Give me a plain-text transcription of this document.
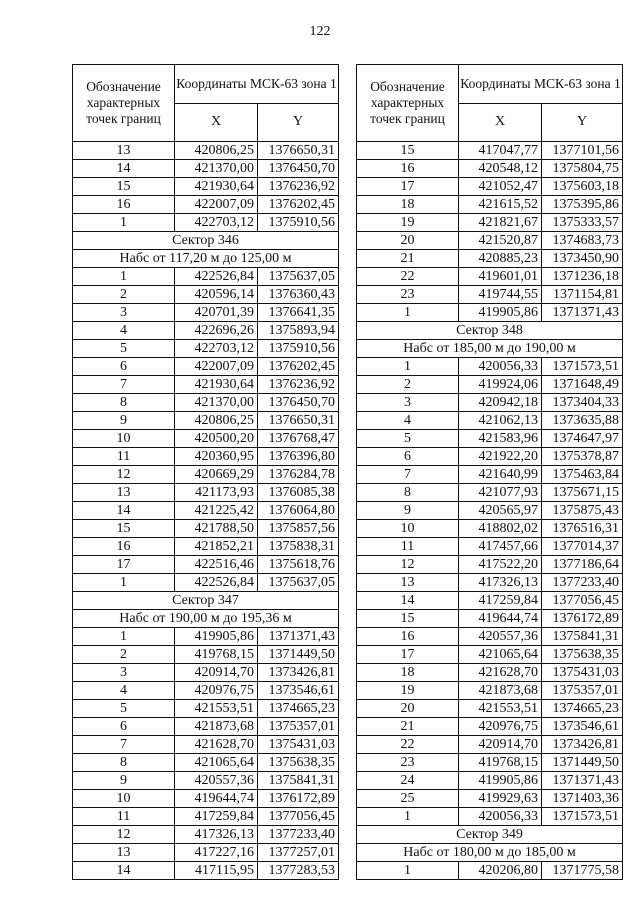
122
Обозначение характерных точек границ	Координаты МСК-63 зона 1	
	X	Y
13	420806,25	1376650,31
14	421370,00	1376450,70
15	421930,64	1376236,92
16	422007,09	1376202,45
1	422703,12	1375910,56
Сектор 346		
Набс от 117,20 м до 125,00 м		
1	422526,84	1375637,05
2	420596,14	1376360,43
3	420701,39	1376641,35
4	422696,26	1375893,94
5	422703,12	1375910,56
6	422007,09	1376202,45
7	421930,64	1376236,92
8	421370,00	1376450,70
9	420806,25	1376650,31
10	420500,20	1376768,47
11	420360,95	1376396,80
12	420669,29	1376284,78
13	421173,93	1376085,38
14	421225,42	1376064,80
15	421788,50	1375857,56
16	421852,21	1375838,31
17	422516,46	1375618,76
1	422526,84	1375637,05
Сектор 347		
Набс от 190,00 м до 195,36 м		
1	419905,86	1371371,43
2	419768,15	1371449,50
3	420914,70	1373426,81
4	420976,75	1373546,61
5	421553,51	1374665,23
6	421873,68	1375357,01
7	421628,70	1375431,03
8	421065,64	1375638,35
9	420557,36	1375841,31
10	419644,74	1376172,89
11	417259,84	1377056,45
12	417326,13	1377233,40
13	417227,16	1377257,01
14	417115,95	1377283,53
Обозначение характерных точек границ	Координаты МСК-63 зона 1	
	X	Y
15	417047,77	1377101,56
16	420548,12	1375804,75
17	421052,47	1375603,18
18	421615,52	1375395,86
19	421821,67	1375333,57
20	421520,87	1374683,73
21	420885,23	1373450,90
22	419601,01	1371236,18
23	419744,55	1371154,81
1	419905,86	1371371,43
Сектор 348		
Набс от 185,00 м до 190,00 м		
1	420056,33	1371573,51
2	419924,06	1371648,49
3	420942,18	1373404,33
4	421062,13	1373635,88
5	421583,96	1374647,97
6	421922,20	1375378,87
7	421640,99	1375463,84
8	421077,93	1375671,15
9	420565,97	1375875,43
10	418802,02	1376516,31
11	417457,66	1377014,37
12	417522,20	1377186,64
13	417326,13	1377233,40
14	417259,84	1377056,45
15	419644,74	1376172,89
16	420557,36	1375841,31
17	421065,64	1375638,35
18	421628,70	1375431,03
19	421873,68	1375357,01
20	421553,51	1374665,23
21	420976,75	1373546,61
22	420914,70	1373426,81
23	419768,15	1371449,50
24	419905,86	1371371,43
25	419929,63	1371403,36
1	420056,33	1371573,51
Сектор 349		
Набс от 180,00 м до 185,00 м		
1	420206,80	1371775,58
